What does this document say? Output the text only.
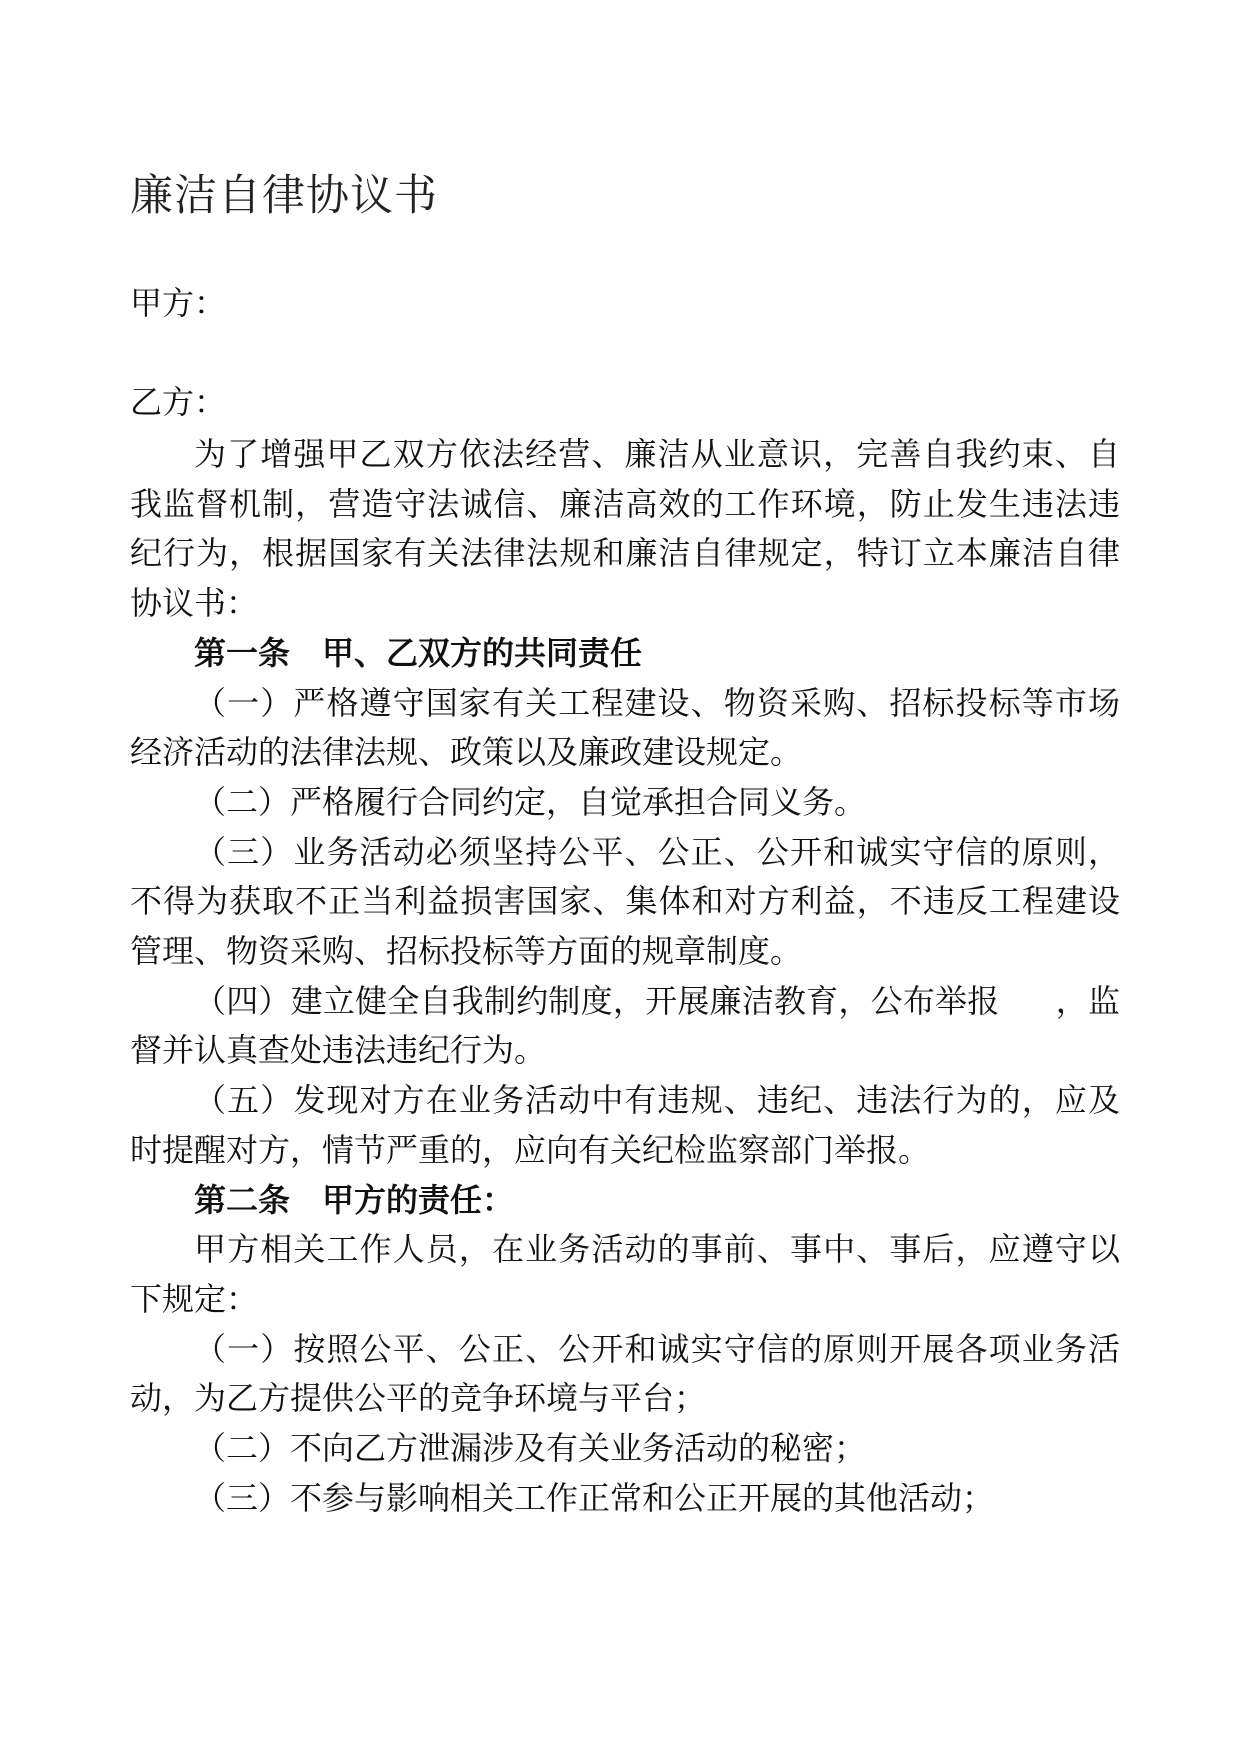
廉洁自律协议书
甲方：
乙方：

为了增强甲乙双方依法经营、廉洁从业意识，完善自我约束、自我监督机制，营造守法诚信、廉洁高效的工作环境，防止发生违法违纪行为，根据国家有关法律法规和廉洁自律规定，特订立本廉洁自律协议书：

第一条　甲、乙双方的共同责任

（一）严格遵守国家有关工程建设、物资采购、招标投标等市场经济活动的法律法规、政策以及廉政建设规定。

（二）严格履行合同约定，自觉承担合同义务。

（三）业务活动必须坚持公平、公正、公开和诚实守信的原则，不得为获取不正当利益损害国家、集体和对方利益，不违反工程建设管理、物资采购、招标投标等方面的规章制度。

（四）建立健全自我制约制度，开展廉洁教育，公布举报 ，监督并认真查处违法违纪行为。

（五）发现对方在业务活动中有违规、违纪、违法行为的，应及时提醒对方，情节严重的，应向有关纪检监察部门举报。

第二条　甲方的责任：

甲方相关工作人员，在业务活动的事前、事中、事后，应遵守以下规定：

（一）按照公平、公正、公开和诚实守信的原则开展各项业务活动，为乙方提供公平的竞争环境与平台；

（二）不向乙方泄漏涉及有关业务活动的秘密；

（三）不参与影响相关工作正常和公正开展的其他活动；
